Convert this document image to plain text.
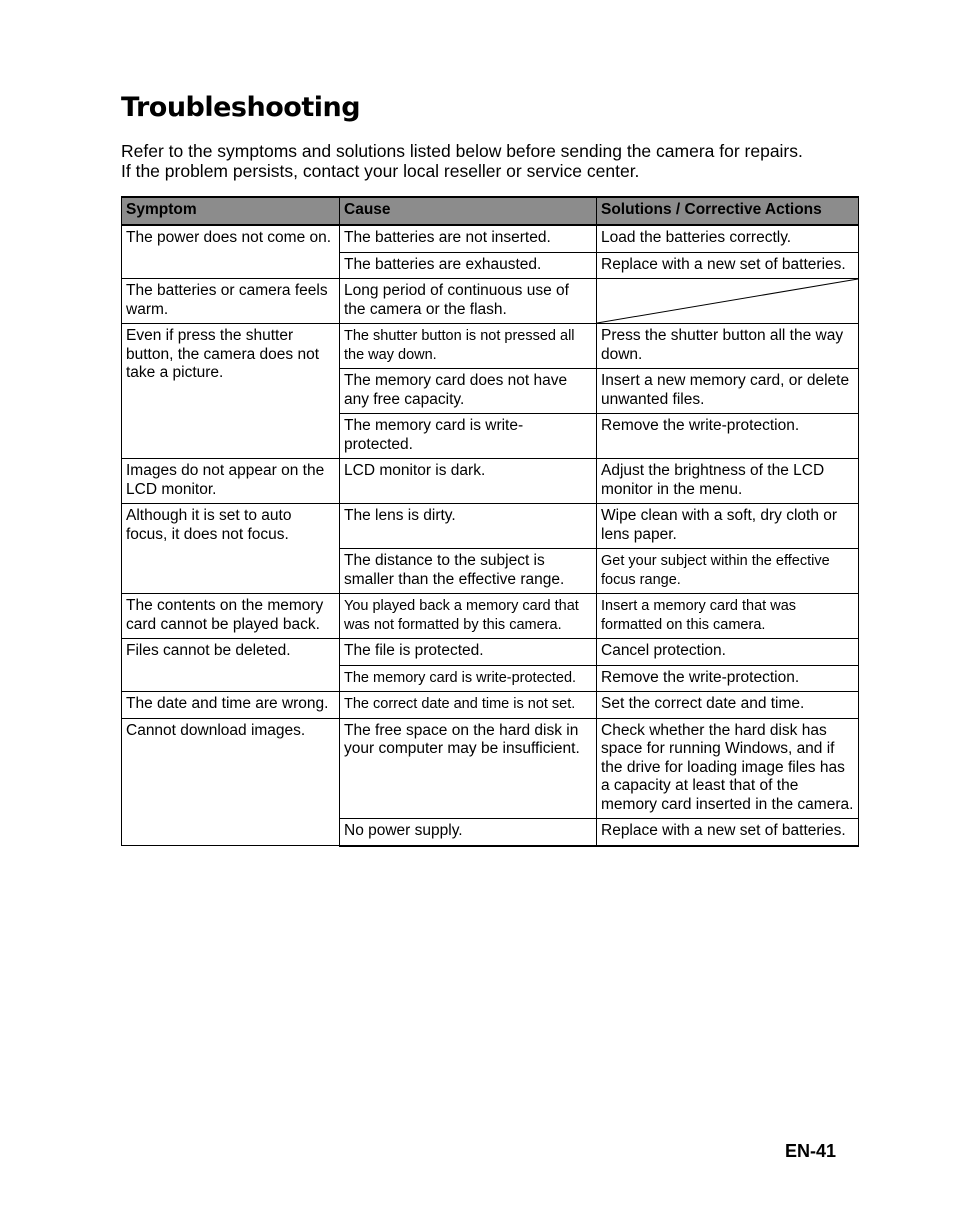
Troubleshooting
Refer to the symptoms and solutions listed below before sending the camera for repairs.
If the problem persists, contact your local reseller or service center.
Symptom	Cause	Solutions / Corrective Actions
The power does not come on.	The batteries are not inserted.	Load the batteries correctly.
	The batteries are exhausted.	Replace with a new set of batteries.
The batteries or camera feels warm.	Long period of continuous use of the camera or the flash.	

Even if press the shutter button, the camera does not take a picture.	The shutter button is not pressed all the way down.	Press the shutter button all the way down.
	The memory card does not have any free capacity.	Insert a new memory card, or delete unwanted files.
	The memory card is write-protected.	Remove the write-protection.
Images do not appear on the LCD monitor.	LCD monitor is dark.	Adjust the brightness of the LCD monitor in the menu.
Although it is set to auto focus, it does not focus.	The lens is dirty.	Wipe clean with a soft, dry cloth or lens paper.
	The distance to the subject is smaller than the effective range.	Get your subject within the effective focus range.
The contents on the memory card cannot be played back.	You played back a memory card that was not formatted by this camera.	Insert a memory card that was formatted on this camera.
Files cannot be deleted.	The file is protected.	Cancel protection.
	The memory card is write-protected.	Remove the write-protection.
The date and time are wrong.	The correct date and time is not set.	Set the correct date and time.
Cannot download images.	The free space on the hard disk in your computer may be insufficient.	Check whether the hard disk has space for running Windows, and if the drive for loading image files has a capacity at least that of the memory card inserted in the camera.
	No power supply.	Replace with a new set of batteries.
EN-41
